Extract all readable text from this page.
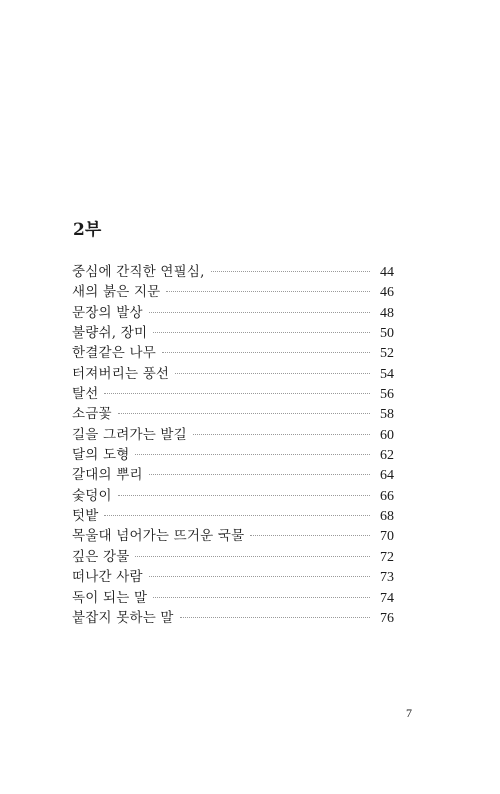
2부
중심에 간직한 연필심,	44
새의 붉은 지문	46
문장의 발상	48
불량쉬, 장미	50
한결같은 나무	52
터져버리는 풍선	54
탈선	56
소금꽃	58
길을 그려가는 발길	60
달의 도형	62
갈대의 뿌리	64
숯덩이	66
텃밭	68
목울대 넘어가는 뜨거운 국물	70
깊은 강물	72
떠나간 사람	73
독이 되는 말	74
붙잡지 못하는 말	76
7
